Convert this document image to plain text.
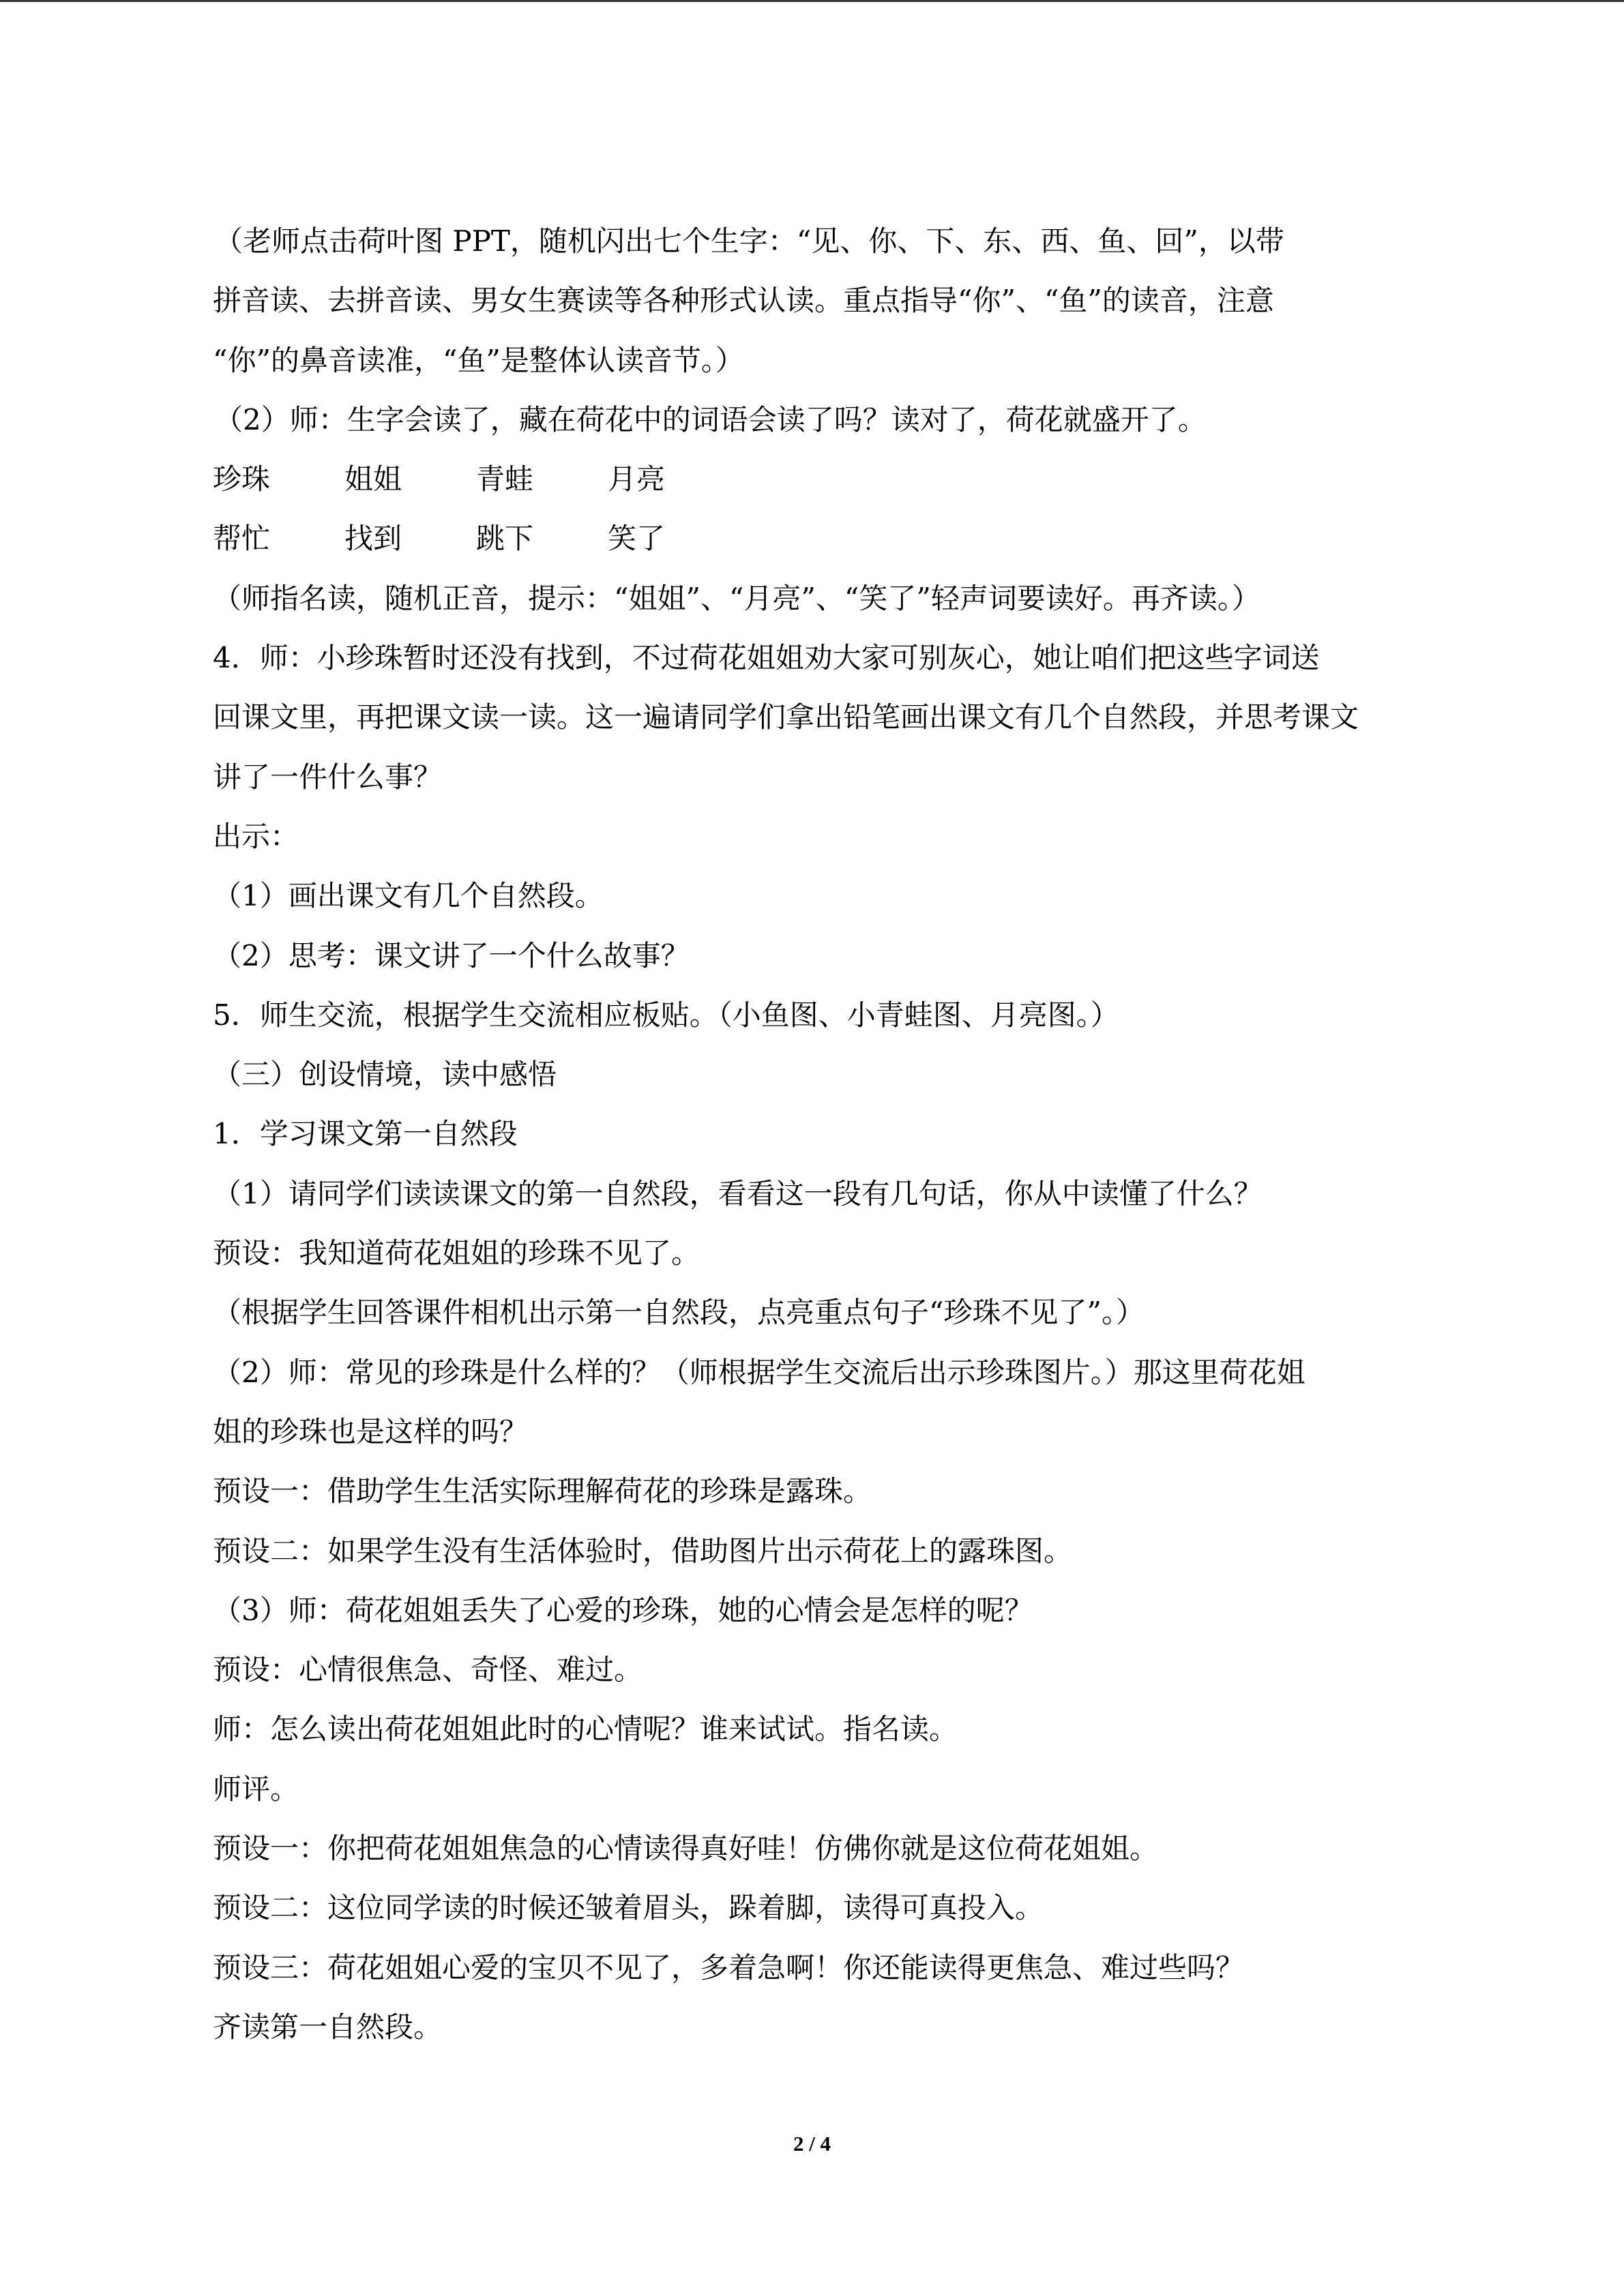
（老师点击荷叶图 PPT，随机闪出七个生字：“见、你、下、东、西、鱼、回”，以带
拼音读、去拼音读、男女生赛读等各种形式认读。重点指导“你”、“鱼”的读音，注意
“你”的鼻音读准，“鱼”是整体认读音节。）
（2）师：生字会读了，藏在荷花中的词语会读了吗？读对了，荷花就盛开了。
珍珠	姐姐	青蛙	月亮
帮忙	找到	跳下	笑了
（师指名读，随机正音，提示：“姐姐”、“月亮”、“笑了”轻声词要读好。再齐读。）
4．师：小珍珠暂时还没有找到，不过荷花姐姐劝大家可别灰心，她让咱们把这些字词送
回课文里，再把课文读一读。这一遍请同学们拿出铅笔画出课文有几个自然段，并思考课文
讲了一件什么事？
出示：
（1）画出课文有几个自然段。
（2）思考：课文讲了一个什么故事？
5．师生交流，根据学生交流相应板贴。（小鱼图、小青蛙图、月亮图。）
（三）创设情境，读中感悟
1．学习课文第一自然段
（1）请同学们读读课文的第一自然段，看看这一段有几句话，你从中读懂了什么？
预设：我知道荷花姐姐的珍珠不见了。
（根据学生回答课件相机出示第一自然段，点亮重点句子“珍珠不见了”。）
（2）师：常见的珍珠是什么样的？（师根据学生交流后出示珍珠图片。）那这里荷花姐
姐的珍珠也是这样的吗？
预设一：借助学生生活实际理解荷花的珍珠是露珠。
预设二：如果学生没有生活体验时，借助图片出示荷花上的露珠图。
（3）师：荷花姐姐丢失了心爱的珍珠，她的心情会是怎样的呢？
预设：心情很焦急、奇怪、难过。
师：怎么读出荷花姐姐此时的心情呢？谁来试试。指名读。
师评。
预设一：你把荷花姐姐焦急的心情读得真好哇！仿佛你就是这位荷花姐姐。
预设二：这位同学读的时候还皱着眉头，跺着脚，读得可真投入。
预设三：荷花姐姐心爱的宝贝不见了，多着急啊！你还能读得更焦急、难过些吗？
齐读第一自然段。
2 / 4
